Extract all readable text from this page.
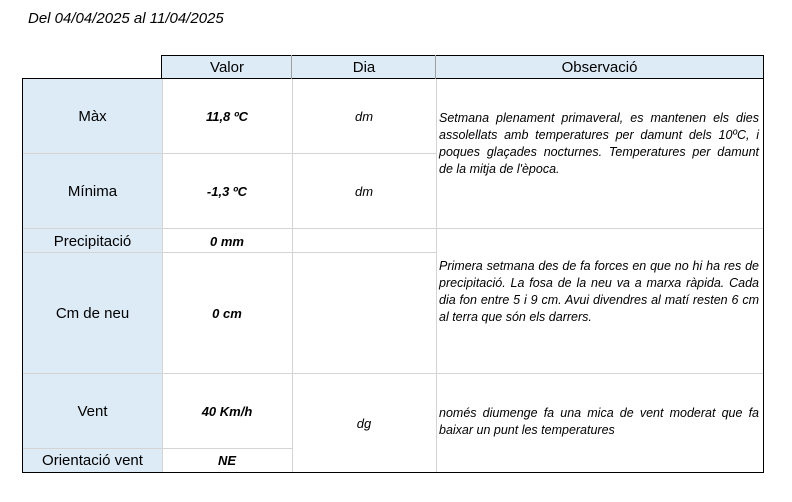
Del 04/04/2025 al 11/04/2025
Valor	Dia	Observació
Màx
Mínima
Precipitació
Cm de neu
Vent
Orientació vent
11,8 ºC
-1,3 ºC
0 mm
0 cm
40 Km/h
NE
dm
dm
dg
Setmana plenament primaveral, es mantenen els dies assolellats amb temperatures per damunt dels 10ºC, i poques glaçades nocturnes. Temperatures per damunt de la mitja de l'època.
Primera setmana des de fa forces en que no hi ha res de precipitació. La fosa de la neu va a marxa ràpida. Cada dia fon entre 5 i 9 cm. Avui divendres al matí resten 6 cm al terra que són els darrers.
només diumenge fa una mica de vent moderat que fa baixar un punt les temperatures
